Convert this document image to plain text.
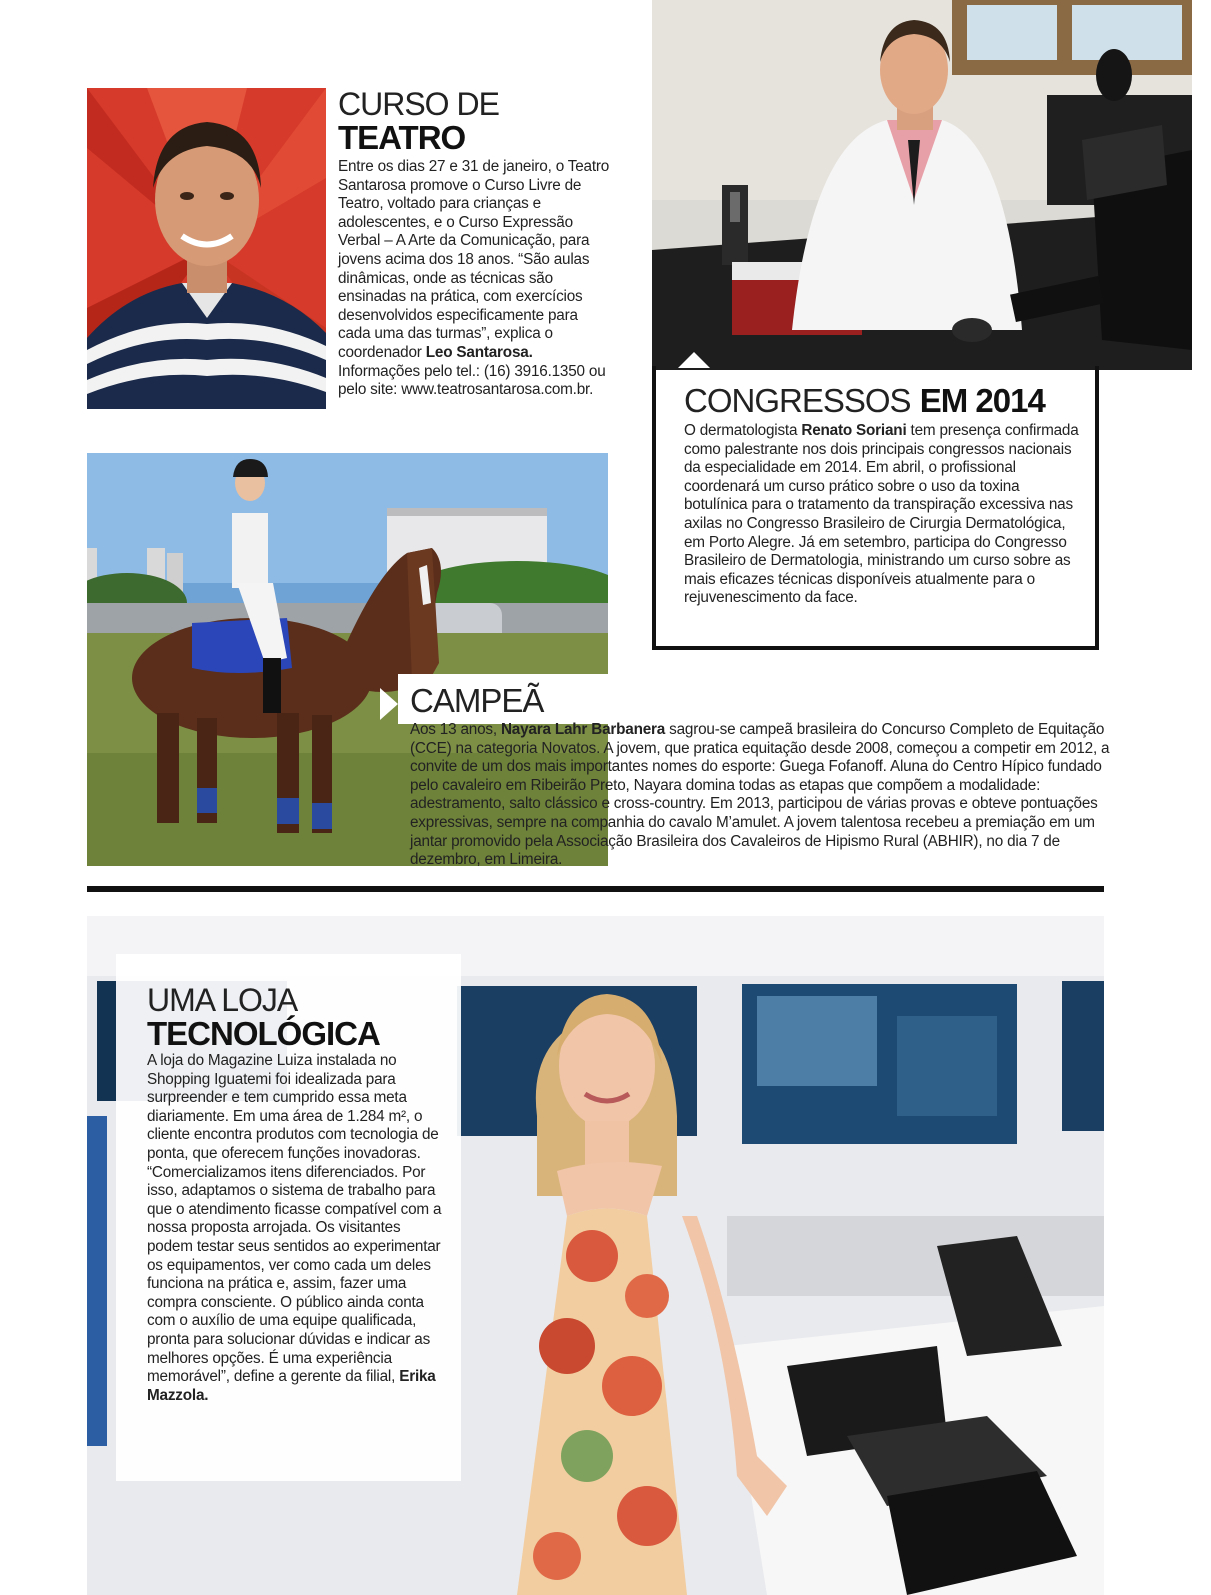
CURSO DE
TEATRO

Entre os dias 27 e 31 de janeiro, o Teatro Santarosa promove o Curso Livre de Teatro, voltado para crianças e adolescentes, e o Curso Expressão Verbal – A Arte da Comunicação, para jovens acima dos 18 anos. “São aulas dinâmicas, onde as técnicas são ensinadas na prática, com exercícios desenvolvidos especificamente para cada uma das turmas”, explica o coordenador Leo Santarosa. Informações pelo tel.: (16) 3916.1350 ou pelo site: www.teatrosantarosa.com.br.	CONGRESSOS EM 2014

O dermatologista Renato Soriani tem presença confirmada como palestrante nos dois principais congressos nacionais da especialidade em 2014. Em abril, o profissional coordenará um curso prático sobre o uso da toxina botulínica para o tratamento da transpiração excessiva nas axilas no Congresso Brasileiro de Cirurgia Dermatológica, em Porto Alegre. Já em setembro, participa do Congresso Brasileiro de Dermatologia, ministrando um curso sobre as mais eficazes técnicas disponíveis atualmente para o rejuvenescimento da face.

CAMPEÃ

Aos 13 anos, Nayara Lahr Barbanera sagrou-se campeã brasileira do Concurso Completo de Equitação (CCE) na categoria Novatos. A jovem, que pratica equitação desde 2008, começou a competir em 2012, a convite de um dos mais importantes nomes do esporte: Guega Fofanoff. Aluna do Centro Hípico fundado pelo cavaleiro em Ribeirão Preto, Nayara domina todas as etapas que compõem a modalidade: adestramento, salto clássico e cross-country. Em 2013, participou de várias provas e obteve pontuações expressivas, sempre na companhia do cavalo M’amulet. A jovem talentosa recebeu a premiação em um jantar promovido pela Associação Brasileira dos Cavaleiros de Hipismo Rural (ABHIR), no dia 7 de dezembro, em Limeira.

UMA LOJA
TECNOLÓGICA

A loja do Magazine Luiza instalada no Shopping Iguatemi foi idealizada para surpreender e tem cumprido essa meta diariamente. Em uma área de 1.284 m², o cliente encontra produtos com tecnologia de ponta, que oferecem funções inovadoras. “Comercializamos itens diferenciados. Por isso, adaptamos o sistema de trabalho para que o atendimento ficasse compatível com a nossa proposta arrojada. Os visitantes podem testar seus sentidos ao experimentar os equipamentos, ver como cada um deles funciona na prática e, assim, fazer uma compra consciente. O público ainda conta com o auxílio de uma equipe qualificada, pronta para solucionar dúvidas e indicar as melhores opções. É uma experiência memorável”, define a gerente da filial, Erika Mazzola.
